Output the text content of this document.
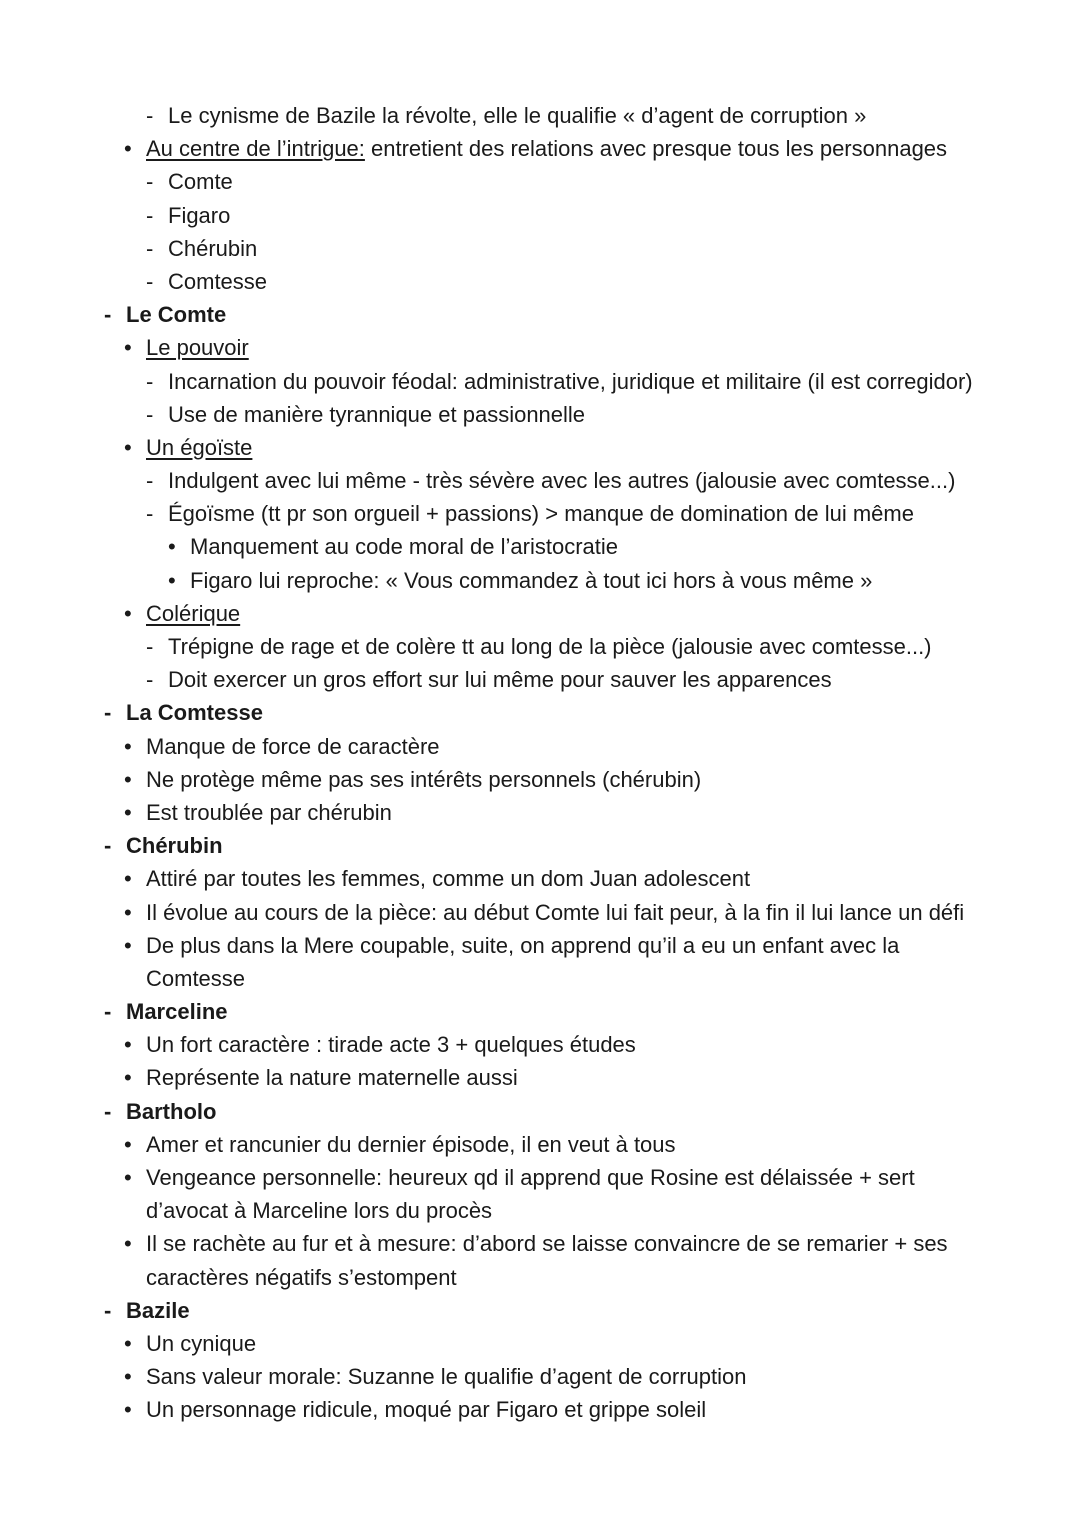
- Le cynisme de Bazile la révolte, elle le qualifie « d’agent de corruption »
• Au centre de l’intrigue: entretient des relations avec presque tous les personnages
- Comte
- Figaro
- Chérubin
- Comtesse
- Le Comte
• Le pouvoir
- Incarnation du pouvoir féodal: administrative, juridique et militaire (il est corregidor)
- Use de manière tyrannique et passionnelle
• Un égoïste
- Indulgent avec lui même - très sévère avec les autres (jalousie avec comtesse...)
- Égoïsme (tt pr son orgueil + passions) > manque de domination de lui même
• Manquement au code moral de l’aristocratie
• Figaro lui reproche: « Vous commandez à tout ici hors à vous même »
• Colérique
- Trépigne de rage et de colère tt au long de la pièce (jalousie avec comtesse...)
- Doit exercer un gros effort sur lui même pour sauver les apparences
- La Comtesse
• Manque de force de caractère
• Ne protège même pas ses intérêts personnels (chérubin)
• Est troublée par chérubin
- Chérubin
• Attiré par toutes les femmes, comme un dom Juan adolescent
• Il évolue au cours de la pièce: au début Comte lui fait peur, à la fin il lui lance un défi
• De plus dans la Mere coupable, suite, on apprend qu’il a eu un enfant avec la
Comtesse
- Marceline
• Un fort caractère : tirade acte 3 + quelques études
• Représente la nature maternelle aussi
- Bartholo
• Amer et rancunier du dernier épisode, il en veut à tous
• Vengeance personnelle: heureux qd il apprend que Rosine est délaissée + sert
d’avocat à Marceline lors du procès
• Il se rachète au fur et à mesure: d’abord se laisse convaincre de se remarier + ses
caractères négatifs s’estompent
- Bazile
• Un cynique
• Sans valeur morale: Suzanne le qualifie d’agent de corruption
• Un personnage ridicule, moqué par Figaro et grippe soleil
